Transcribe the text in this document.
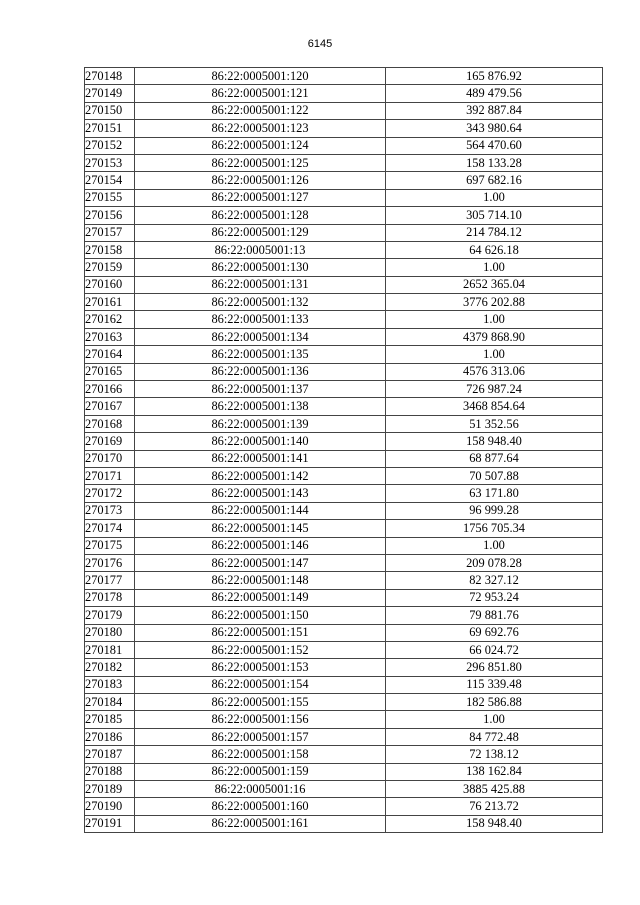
6145
270148	86:22:0005001:120	165 876.92
270149	86:22:0005001:121	489 479.56
270150	86:22:0005001:122	392 887.84
270151	86:22:0005001:123	343 980.64
270152	86:22:0005001:124	564 470.60
270153	86:22:0005001:125	158 133.28
270154	86:22:0005001:126	697 682.16
270155	86:22:0005001:127	1.00
270156	86:22:0005001:128	305 714.10
270157	86:22:0005001:129	214 784.12
270158	86:22:0005001:13	64 626.18
270159	86:22:0005001:130	1.00
270160	86:22:0005001:131	2652 365.04
270161	86:22:0005001:132	3776 202.88
270162	86:22:0005001:133	1.00
270163	86:22:0005001:134	4379 868.90
270164	86:22:0005001:135	1.00
270165	86:22:0005001:136	4576 313.06
270166	86:22:0005001:137	726 987.24
270167	86:22:0005001:138	3468 854.64
270168	86:22:0005001:139	51 352.56
270169	86:22:0005001:140	158 948.40
270170	86:22:0005001:141	68 877.64
270171	86:22:0005001:142	70 507.88
270172	86:22:0005001:143	63 171.80
270173	86:22:0005001:144	96 999.28
270174	86:22:0005001:145	1756 705.34
270175	86:22:0005001:146	1.00
270176	86:22:0005001:147	209 078.28
270177	86:22:0005001:148	82 327.12
270178	86:22:0005001:149	72 953.24
270179	86:22:0005001:150	79 881.76
270180	86:22:0005001:151	69 692.76
270181	86:22:0005001:152	66 024.72
270182	86:22:0005001:153	296 851.80
270183	86:22:0005001:154	115 339.48
270184	86:22:0005001:155	182 586.88
270185	86:22:0005001:156	1.00
270186	86:22:0005001:157	84 772.48
270187	86:22:0005001:158	72 138.12
270188	86:22:0005001:159	138 162.84
270189	86:22:0005001:16	3885 425.88
270190	86:22:0005001:160	76 213.72
270191	86:22:0005001:161	158 948.40
